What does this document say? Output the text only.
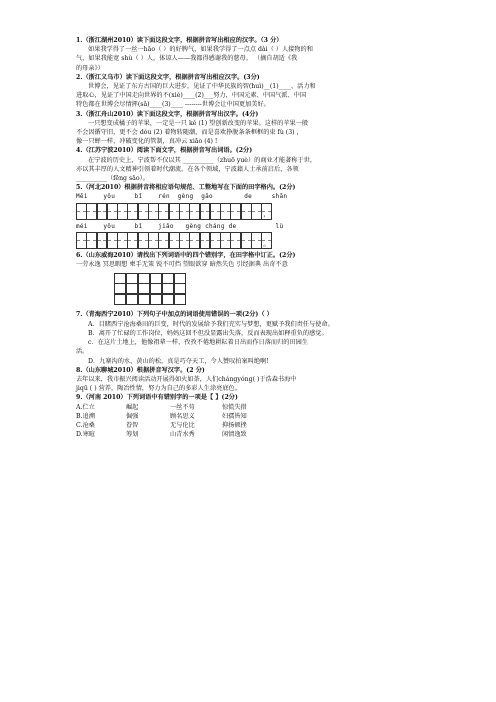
1.（浙江湖州2010）读下面这段文字，根据拼音写出相应的汉字。（3 分）

如果我学得了一丝一hāo（ ）的好脾气，如果我学得了一点点 dài（ ）人接物的和

气，如果我能宽 shù（ ）人，体谅人——我都得感谢我的慈母。 （摘自胡适《我

的母亲》）

2.（浙江义乌市）读下面这段文字，根据拼音写出相应汉字。(3分)

世博会，见证了东方古国的巨大进步，见证了中华民族的智(huì)__(1)____、活力和

进取心，见证了中国走向世界的不(xiè)____(2)___努力，中国元素、中国气派、中国

特色都在世博会尽情挥(sǎ)____(3)____ --------世博会让中国更加美好。

3.（浙江舟山2010）读下面这段文字，根据拼音写出汉字。(4分)

一只想变成橘子的苹果，一定是一只 kě (1) 望创新改变的苹果。这样的苹果一般

不会因循守旧，更不会 dòu (2) 着物转随潮，而是喜欢挣脱条条框框的束 fù (3) ，

像一只蝉一样，冲破变化的管制，真冲云 xiāo (4) !

4.（江苏宁波2010）阅读下面文字，根据拼音写出词语。(2分)

在宁波的历史上，宁波帮不仅以其 __________（zhuō yuè）的商业才能著称于世，

亦以其丰厚的人文精神引领着时代潮流。在各个领域，宁波籍人士承前启后，各领

__________（fēng sāo）。

5.（河北2010）根据拼音将相应语句规范、工整地写在下面的田字格内。(2分)

Měi    yǒu     bǐ    rén  gèng  gāo        de     shān
，
méi    yǒu     bǐ    jiǎo   gèng chánɡ de          lù
。

6.（山东威海2010）请找出下列词语中的四个错别字，在田字格中订正。(2分)

一劳永逸 冥思暇想 柬手无策 锐不可挡 望眼欲穿 暗然失色 引经据典 出奇不意

7.（青海西宁2010）下列句子中加点的词语使用错误的一项(2分)（ ）

A．目睹西宁沧海桑田的巨变，时代的发展给予我们充实与梦想，更赋予我们责任与使命。

B．离开了忙碌的工作岗位，妈妈这回不但没显露出失落，反而表现出如释重负的感觉。

c．在这片土地上，他像祖辈一样，孜孜不倦地耕耘着日出而作日落而归的田园生

活。

D．九寨沟的水、黄山的松，真是巧夺天工，令人赞叹拍案叫绝啊!

8.（山东聊城2010）根据拼音写汉字。(2 分)

去年以来，我市振兴阅读活动开展得如火如荼，人们chángyóng( )于浩森书海中

jiqū ( ) 营养，陶冶性情，努力为自己的多彩人生涂亮底色。

9.（河南 2010）下列词语中有错别字的一项是【 】(2分)

A.伫立	崛起	一丝不苟	惊慌失措
B.追溯	倔强	顾名思义	妇孺皆知
C.沧桑	眷智	无与伦比	抑扬顿挫
D.寒暄	筹划	山青水秀	闲情逸致
